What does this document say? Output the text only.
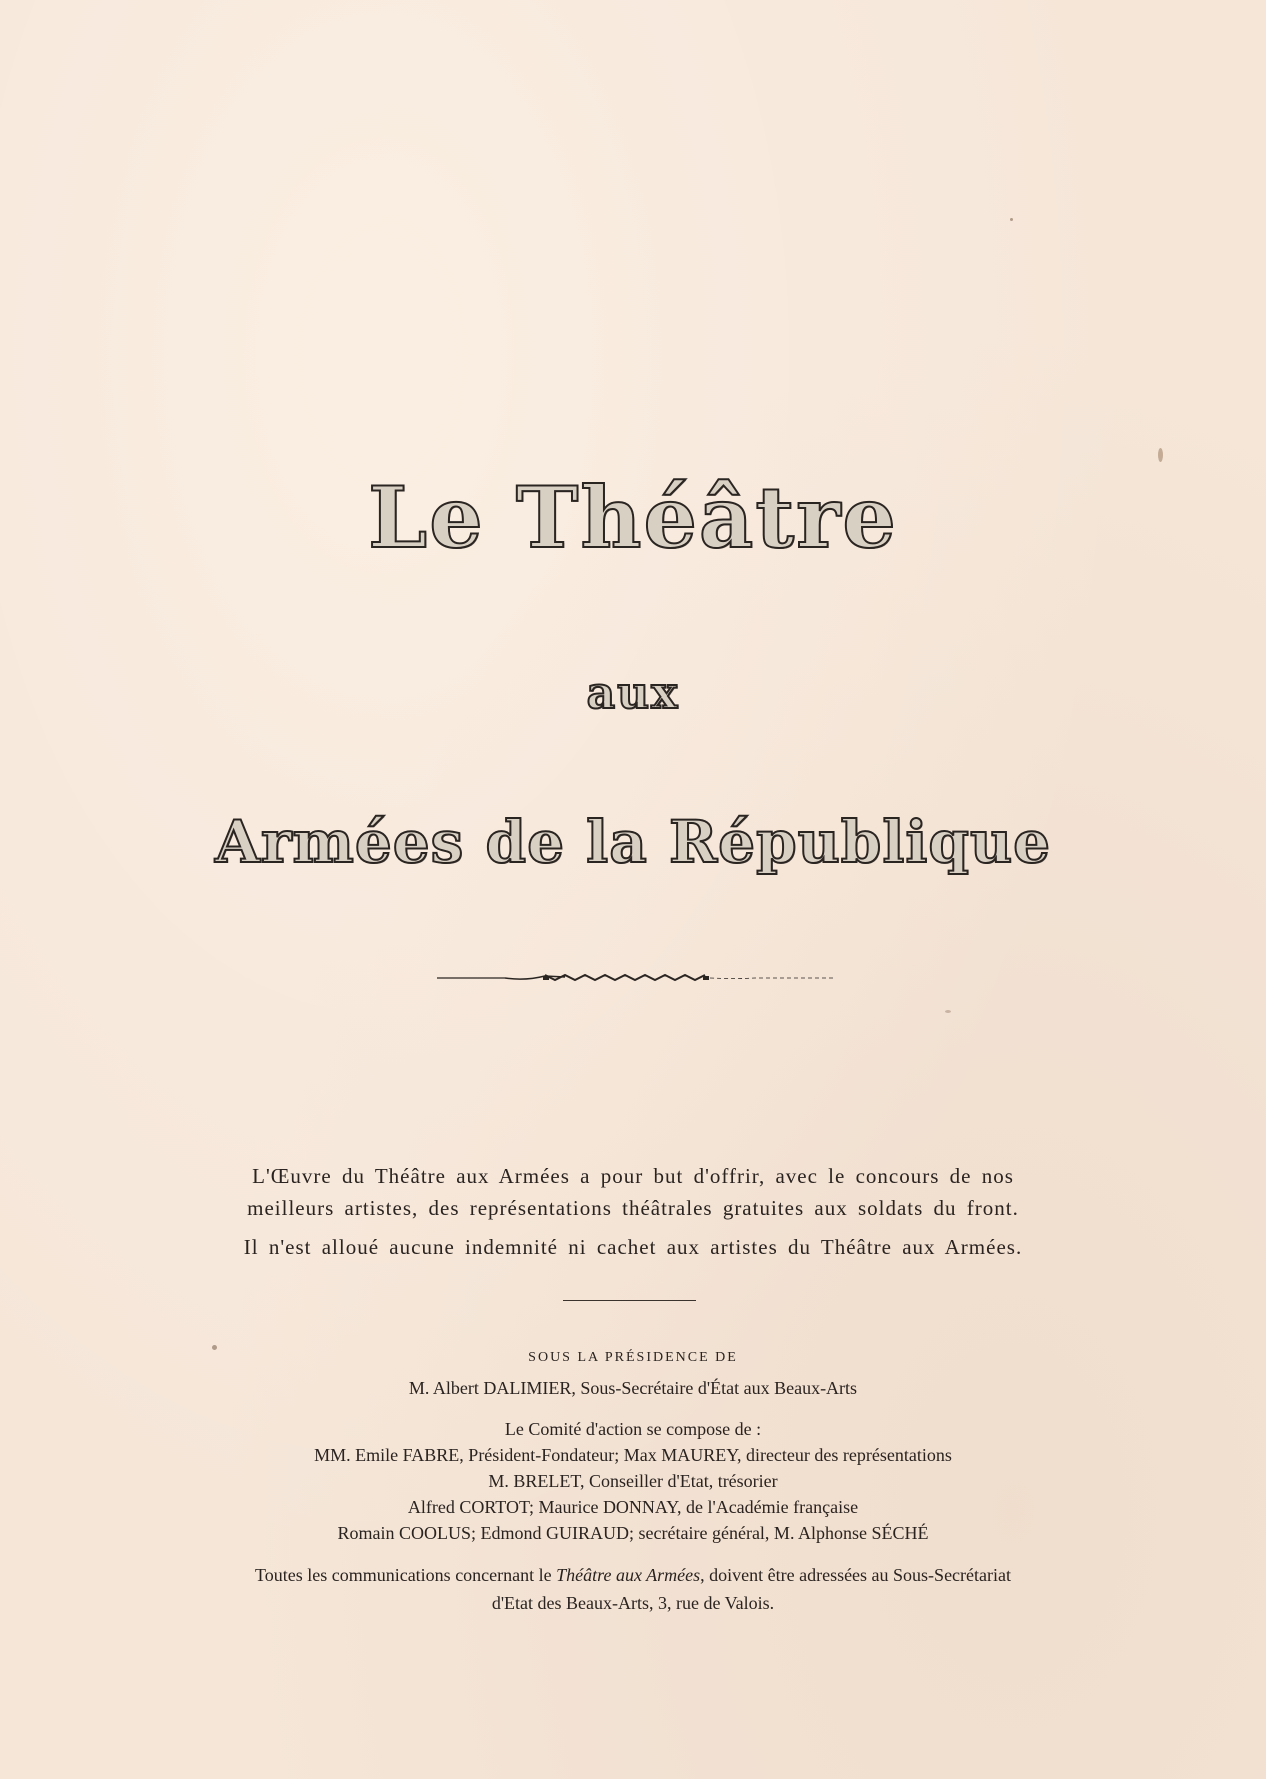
Le Théâtre
aux
Armées de la République
L'Œuvre du Théâtre aux Armées a pour but d'offrir, avec le concours de nos
meilleurs artistes, des représentations théâtrales gratuites aux soldats du front.
Il n'est alloué aucune indemnité ni cachet aux artistes du Théâtre aux Armées.
SOUS LA PRÉSIDENCE DE
M. Albert DALIMIER, Sous-Secrétaire d'État aux Beaux-Arts
Le Comité d'action se compose de :
MM. Emile FABRE, Président-Fondateur; Max MAUREY, directeur des représentations
M. BRELET, Conseiller d'Etat, trésorier
Alfred CORTOT; Maurice DONNAY, de l'Académie française
Romain COOLUS; Edmond GUIRAUD; secrétaire général, M. Alphonse SÉCHÉ
Toutes les communications concernant le Théâtre aux Armées, doivent être adressées au Sous-Secrétariat
d'Etat des Beaux-Arts, 3, rue de Valois.
